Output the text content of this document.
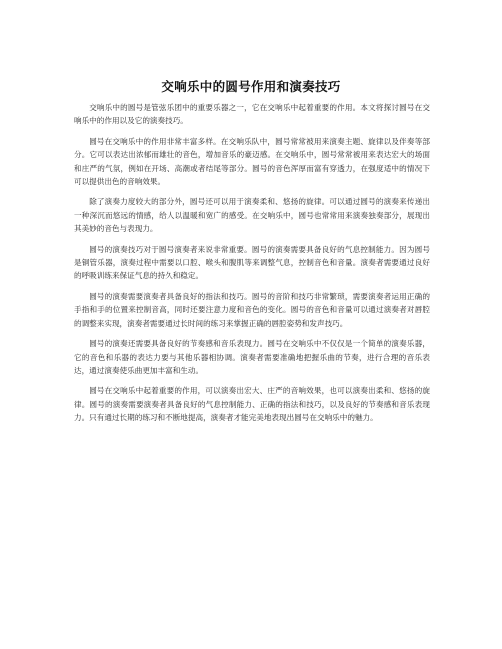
交响乐中的圆号作用和演奏技巧

交响乐中的圆号是管弦乐团中的重要乐器之一，它在交响乐中起着重要的作用。本文将探讨圆号在交响乐中的作用以及它的演奏技巧。

圆号在交响乐中的作用非常丰富多样。在交响乐队中，圆号常常被用来演奏主题、旋律以及伴奏等部分。它可以表达出浓郁而雄壮的音色，增加音乐的豪迈感。在交响乐中，圆号常常被用来表达宏大的场面和庄严的气氛，例如在开场、高潮或者结尾等部分。圆号的音色浑厚而富有穿透力，在强度适中的情况下可以提供出色的音响效果。

除了演奏力度较大的部分外，圆号还可以用于演奏柔和、悠扬的旋律。可以通过圆号的演奏来传递出一种深沉而悠远的情感，给人以温暖和宽广的感受。在交响乐中，圆号也常常用来演奏独奏部分，展现出其美妙的音色与表现力。

圆号的演奏技巧对于圆号演奏者来说非常重要。圆号的演奏需要具备良好的气息控制能力。因为圆号是铜管乐器，演奏过程中需要以口腔、喉头和腹肌等来调整气息，控制音色和音量。演奏者需要通过良好的呼吸训练来保证气息的持久和稳定。

圆号的演奏需要演奏者具备良好的指法和技巧。圆号的音阶和技巧非常繁琐，需要演奏者运用正确的手指和手的位置来控制音高，同时还要注意力度和音色的变化。圆号的音色和音量可以通过演奏者对唇腔的调整来实现，演奏者需要通过长时间的练习来掌握正确的唇腔姿势和发声技巧。

圆号的演奏还需要具备良好的节奏感和音乐表现力。圆号在交响乐中不仅仅是一个简单的演奏乐器，它的音色和乐器的表达力要与其他乐器相协调。演奏者需要准确地把握乐曲的节奏，进行合理的音乐表达，通过演奏使乐曲更加丰富和生动。

圆号在交响乐中起着重要的作用，可以演奏出宏大、庄严的音响效果，也可以演奏出柔和、悠扬的旋律。圆号的演奏需要演奏者具备良好的气息控制能力、正确的指法和技巧，以及良好的节奏感和音乐表现力。只有通过长期的练习和不断地提高，演奏者才能完美地表现出圆号在交响乐中的魅力。
